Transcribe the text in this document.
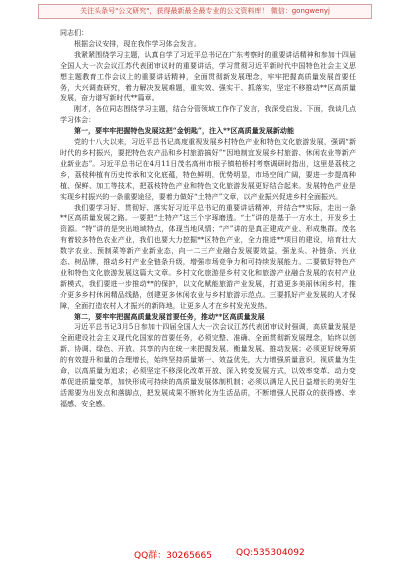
关注头条号"公文研究"，获得最新最全最专业的公文资料库！ 微信：gongwenyj

同志们：

根据会议安排，现在我作学习体会发言。

我紧紧围绕学习主题，认真自学了习近平总书记在广东考察时的重要讲话精神和参加十四届全国人大一次会议江苏代表团审议时的重要讲话，学习贯彻习近平新时代中国特色社会主义思想主题教育工作会议上的重要讲话精神，全面贯彻新发展理念，牢牢把握高质量发展首要任务，大兴调查研究，着力解决发展难题，重实效、强实干、抓落实，坚定不移推动**区高质量发展，奋力谱写新时代**篇章。

刚才，各位同志围绕学习主题，结合分管领域工作作了发言，我深受启发。下面，我谈几点学习体会：

第一，要牢牢把握特色发展这把“金钥匙”，注入**区高质量发展新动能

党的十八大以来，习近平总书记高度重视发展乡村特色产业和特色文化旅游发展，强调“新时代的乡村振兴，要把特色农产品和乡村旅游搞好”“因地制宜发展乡村旅游、休闲农业等新产业新业态”。习近平总书记在4月11日茂名高州市根子镇柏桥村考察调研时指出，这里是荔枝之乡，荔枝种植有历史传承和文化底蕴，特色鲜明，优势明显，市场空间广阔，要进一步提高种植、保鲜、加工等技术，把荔枝特色产业和特色文化旅游发展更好结合起来。发展特色产业是实现乡村振兴的一条重要途径，要着力做好“土特产”文章，以产业振兴促进乡村全面振兴。

我们要学习好、贯彻好、落实好习近平总书记的重要讲话精神，并结合**实际，走出一条**区高质量发展之路。一要把“土特产”这三个字琢磨透。“土”讲的是基于一方水土，开发乡土资源。“特”讲的是突出地域特点，体现当地风情；“产”讲的是真正建成产业、形成集群。茂名有着较多特色农业产业，我们也要大力挖掘**区特色产业，全力推进**项目的建设，培育壮大数字农业、预制菜等新产业新业态，向一二三产业融合发展要效益，强龙头、补链条、兴业态、树品牌，推动乡村产业全链条升级，增强市场竞争力和可持续发展能力。二要做好特色产业和特色文化旅游发展这篇大文章。乡村文化旅游是乡村文化和旅游产业融合发展的农村产业新模式，我们要进一步推动**的保护，以文化赋能旅游产业发展，打造更多美丽休闲乡村，推介更多乡村休闲精品线路，创建更多休闲农业与乡村旅游示范点。三要抓好产业发展的人才保障，全面打造农村人才振兴的新阵地，让更多人才在乡村发光发热。

第二，要牢牢把握高质量发展首要任务，推动**区高质量发展

习近平总书记3月5日参加十四届全国人大一次会议江苏代表团审议时强调，高质量发展是全面建设社会主义现代化国家的首要任务，必须完整、准确、全面贯彻新发展理念，始终以创新、协调、绿色、开放、共享的内在统一来把握发展、衡量发展、推动发展；必须更好统筹质的有效提升和量的合理增长，始终坚持质量第一、效益优先，大力增强质量意识，视质量为生命，以高质量为追求；必须坚定不移深化改革开放、深入转变发展方式，以效率变革、动力变革促进质量变革，加快形成可持续的高质量发展体制机制；必须以满足人民日益增长的美好生活需要为出发点和落脚点，把发展成果不断转化为生活品质，不断增强人民群众的获得感、幸福感、安全感。

QQ群：30265665	QQ:535304092
